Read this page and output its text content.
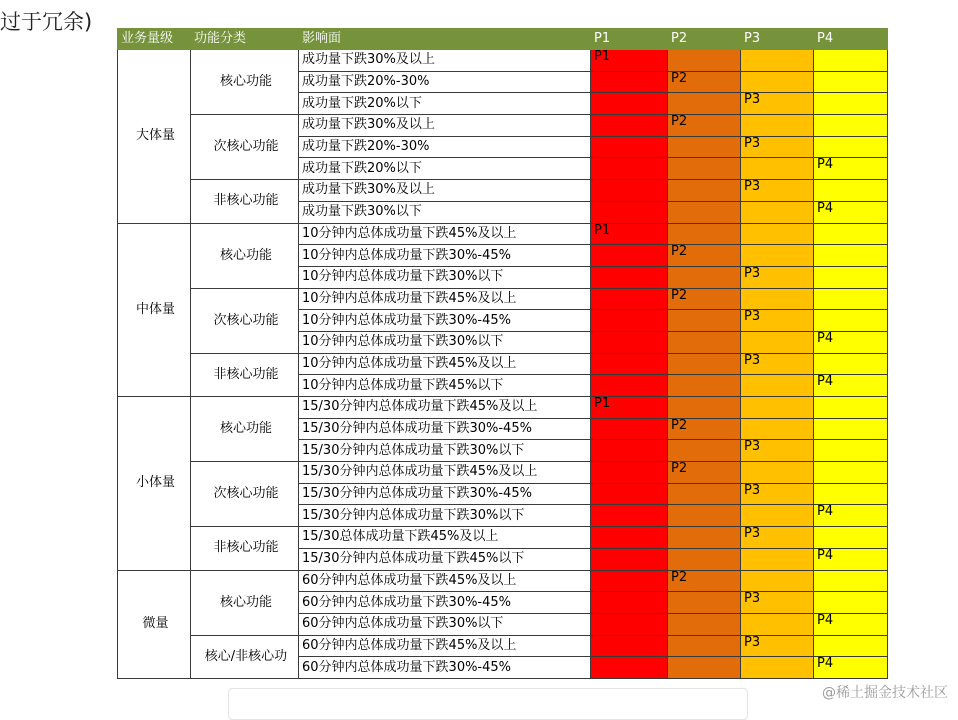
过于冗余)
业务量级	功能分类	影响面	P1	P2	P3	P4
大体量	核心功能	成功量下跌30%及以上	P1			
		成功量下跌20%-30%		P2		
		成功量下跌20%以下			P3	
	次核心功能	成功量下跌30%及以上		P2		
		成功量下跌20%-30%			P3	
		成功量下跌20%以下				P4
	非核心功能	成功量下跌30%及以上			P3	
		成功量下跌30%以下				P4
中体量	核心功能	10分钟内总体成功量下跌45%及以上	P1			
		10分钟内总体成功量下跌30%-45%		P2		
		10分钟内总体成功量下跌30%以下			P3	
	次核心功能	10分钟内总体成功量下跌45%及以上		P2		
		10分钟内总体成功量下跌30%-45%			P3	
		10分钟内总体成功量下跌30%以下				P4
	非核心功能	10分钟内总体成功量下跌45%及以上			P3	
		10分钟内总体成功量下跌45%以下				P4
小体量	核心功能	15/30分钟内总体成功量下跌45%及以上	P1			
		15/30分钟内总体成功量下跌30%-45%		P2		
		15/30分钟内总体成功量下跌30%以下			P3	
	次核心功能	15/30分钟内总体成功量下跌45%及以上		P2		
		15/30分钟内总体成功量下跌30%-45%			P3	
		15/30分钟内总体成功量下跌30%以下				P4
	非核心功能	15/30总体成功量下跌45%及以上			P3	
		15/30分钟内总体成功量下跌45%以下				P4
微量	核心功能	60分钟内总体成功量下跌45%及以上		P2		
		60分钟内总体成功量下跌30%-45%			P3	
		60分钟内总体成功量下跌30%以下				P4
	核心/非核心功	60分钟内总体成功量下跌45%及以上			P3	
		60分钟内总体成功量下跌30%-45%				P4
@稀土掘金技术社区
